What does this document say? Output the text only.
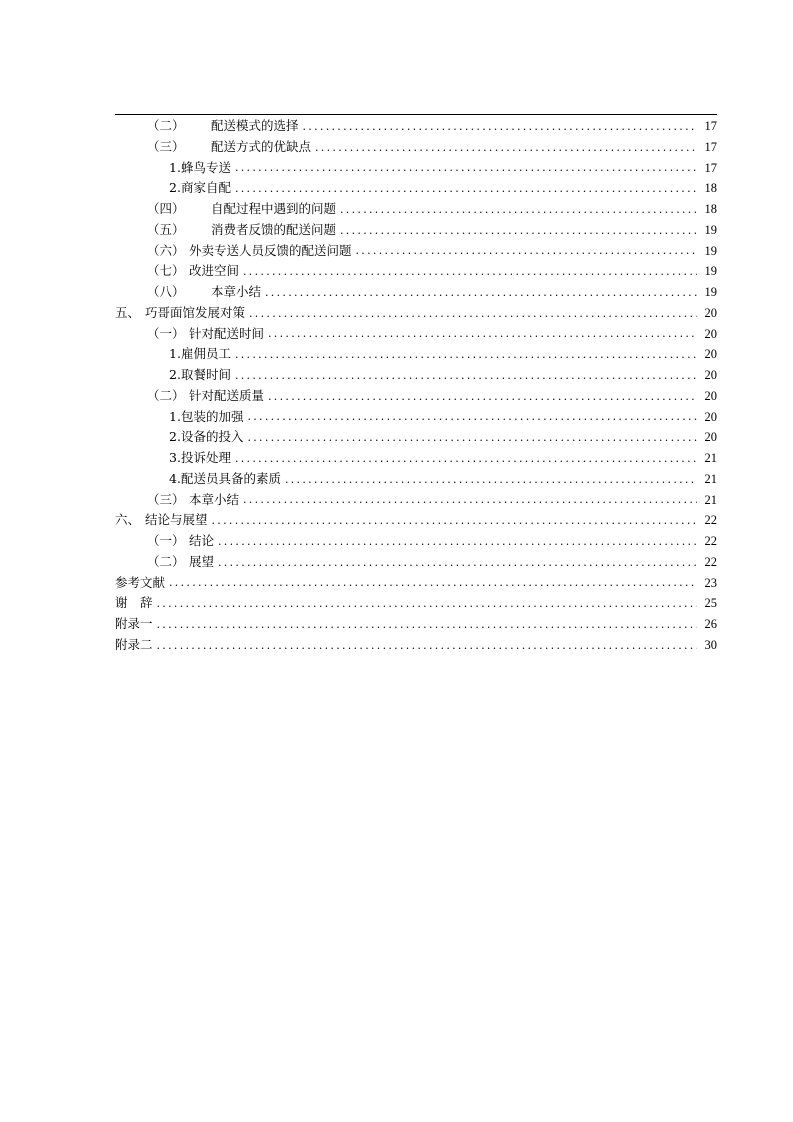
（二）	配送模式的选择 .....	17
（三）	配送方式的优缺点 .....	17
1. 蜂鸟专送 .....	17
2. 商家自配 .....	18
（四）	自配过程中遇到的问题 .....	18
（五）	消费者反馈的配送问题 .....	19
（六） 外卖专送人员反馈的配送问题 .....	19
（七） 改进空间 .....	19
（八）	本章小结 .....	19
五、 巧哥面馆发展对策 .....	20
（一） 针对配送时间 .....	20
1. 雇佣员工 .....	20
2. 取餐时间 .....	20
（二） 针对配送质量 .....	20
1. 包装的加强 .....	20
2. 设备的投入 .....	20
3. 投诉处理 .....	21
4. 配送员具备的素质 .....	21
（三） 本章小结 .....	21
六、 结论与展望 .....	22
（一） 结论 .....	22
（二） 展望 .....	22
参考文献 .....	23
谢　辞 .....	25
附录一 .....	26
附录二 .....	30
